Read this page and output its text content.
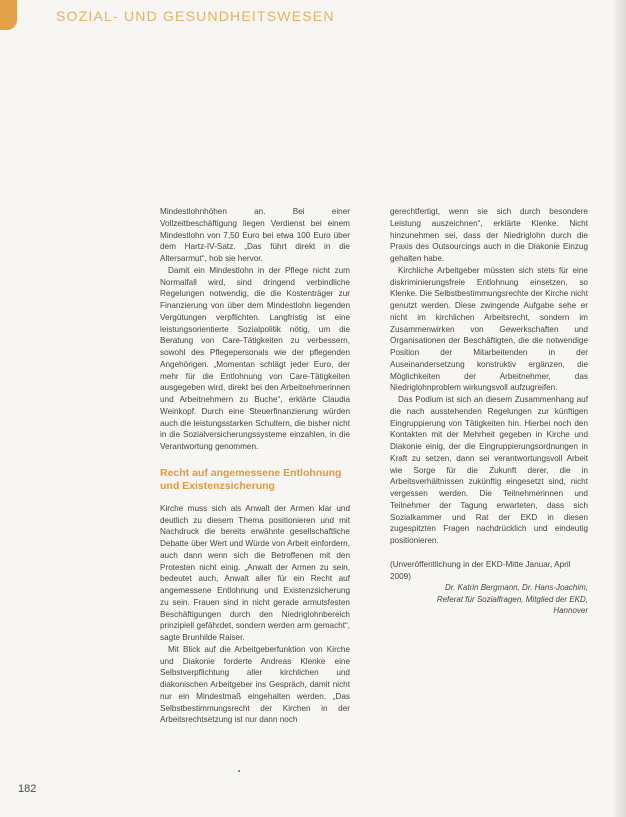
SOZIAL- UND GESUNDHEITSWESEN

Mindestlohnhöhen an. Bei einer Vollzeitbeschäftigung liegen Verdienst bei einem Mindestlohn von 7,50 Euro bei etwa 100 Euro über dem Hartz-IV-Satz. „Das führt direkt in die Altersarmut“, hob sie hervor.

Damit ein Mindestlohn in der Pflege nicht zum Normalfall wird, sind dringend verbindliche Regelungen notwendig, die die Kostenträger zur Finanzierung von über dem Mindestlohn liegenden Vergütungen verpflichten. Langfristig ist eine leistungsorientierte Sozialpolitik nötig, um die Beratung von Care-Tätigkeiten zu verbessern, sowohl des Pflegepersonals wie der pflegenden Angehörigen. „Momentan schlägt jeder Euro, der mehr für die Entlohnung von Care-Tätigkeiten ausgegeben wird, direkt bei den Arbeitnehmerinnen und Arbeitnehmern zu Buche“, erklärte Claudia Weinkopf. Durch eine Steuerfinanzierung würden auch die leistungsstarken Schultern, die bisher nicht in die Sozialversicherungssysteme einzahlen, in die Verantwortung genommen.

Recht auf angemessene Entlohnung und Existenzsicherung

Kirche muss sich als Anwalt der Armen klar und deutlich zu diesem Thema positionieren und mit Nachdruck die bereits erwähnte gesellschaftliche Debatte über Wert und Würde von Arbeit einfordern, auch dann wenn sich die Betroffenen mit den Protesten nicht einig. „Anwalt der Armen zu sein, bedeutet auch, Anwalt aller für ein Recht auf angemessene Entlohnung und Existenzsicherung zu sein. Frauen sind in nicht gerade armutsfesten Beschäftigungen durch den Niedriglohnbereich prinzipiell gefährdet, sondern werden arm gemacht“, sagte Brunhilde Raiser.

Mit Blick auf die Arbeitgeberfunktion von Kirche und Diakonie forderte Andreas Klenke eine Selbstverpflichtung aller kirchlichen und diakonischen Arbeitgeber ins Gespräch, damit nicht nur ein Mindestmaß eingehalten werden. „Das Selbstbestimmungsrecht der Kirchen in der Arbeitsrechtsetzung ist nur dann noch

gerechtfertigt, wenn sie sich durch besondere Leistung auszeichnen“, erklärte Klenke. Nicht hinzunehmen sei, dass der Niedriglohn durch die Praxis des Outsourcings auch in die Diakonie Einzug gehalten habe.

Kirchliche Arbeitgeber müssten sich stets für eine diskriminierungsfreie Entlohnung einsetzen, so Klenke. Die Selbstbestimmungsrechte der Kirche nicht genutzt werden. Diese zwingende Aufgabe sehe er nicht im kirchlichen Arbeitsrecht, sondern im Zusammenwirken von Gewerkschaften und Organisationen der Beschäftigten, die die notwendige Position der Mitarbeitenden in der Auseinandersetzung konstruktiv ergänzen, die Möglichkeiten der Arbeitnehmer, das Niedriglohnproblem wirkungsvoll aufzugreifen.

Das Podium ist sich an diesem Zusammenhang auf die nach ausstehenden Regelungen zur künftigen Eingruppierung von Tätigkeiten hin. Hierbei noch den Kontakten mit der Mehrheit gegeben in Kirche und Diakonie einig, der die Eingruppierungsordnungen in Kraft zu setzen, dann sei verantwortungsvoll Arbeit wie Sorge für die Zukunft derer, die in Arbeitsverhältnissen zukünftig eingesetzt sind, nicht vergessen werden. Die Teilnehmerinnen und Teilnehmer der Tagung erwarteten, dass sich Sozialkammer und Rat der EKD in diesen zugespitzten Fragen nachdrücklich und eindeutig positionieren.

(Unveröffentlichung in der EKD-Mitte Januar, April 2009)

Dr. Katrin Bergmann, Dr. Hans-Joachim,
Referat für Sozialfragen, Mitglied der EKD,
Hannover

182
